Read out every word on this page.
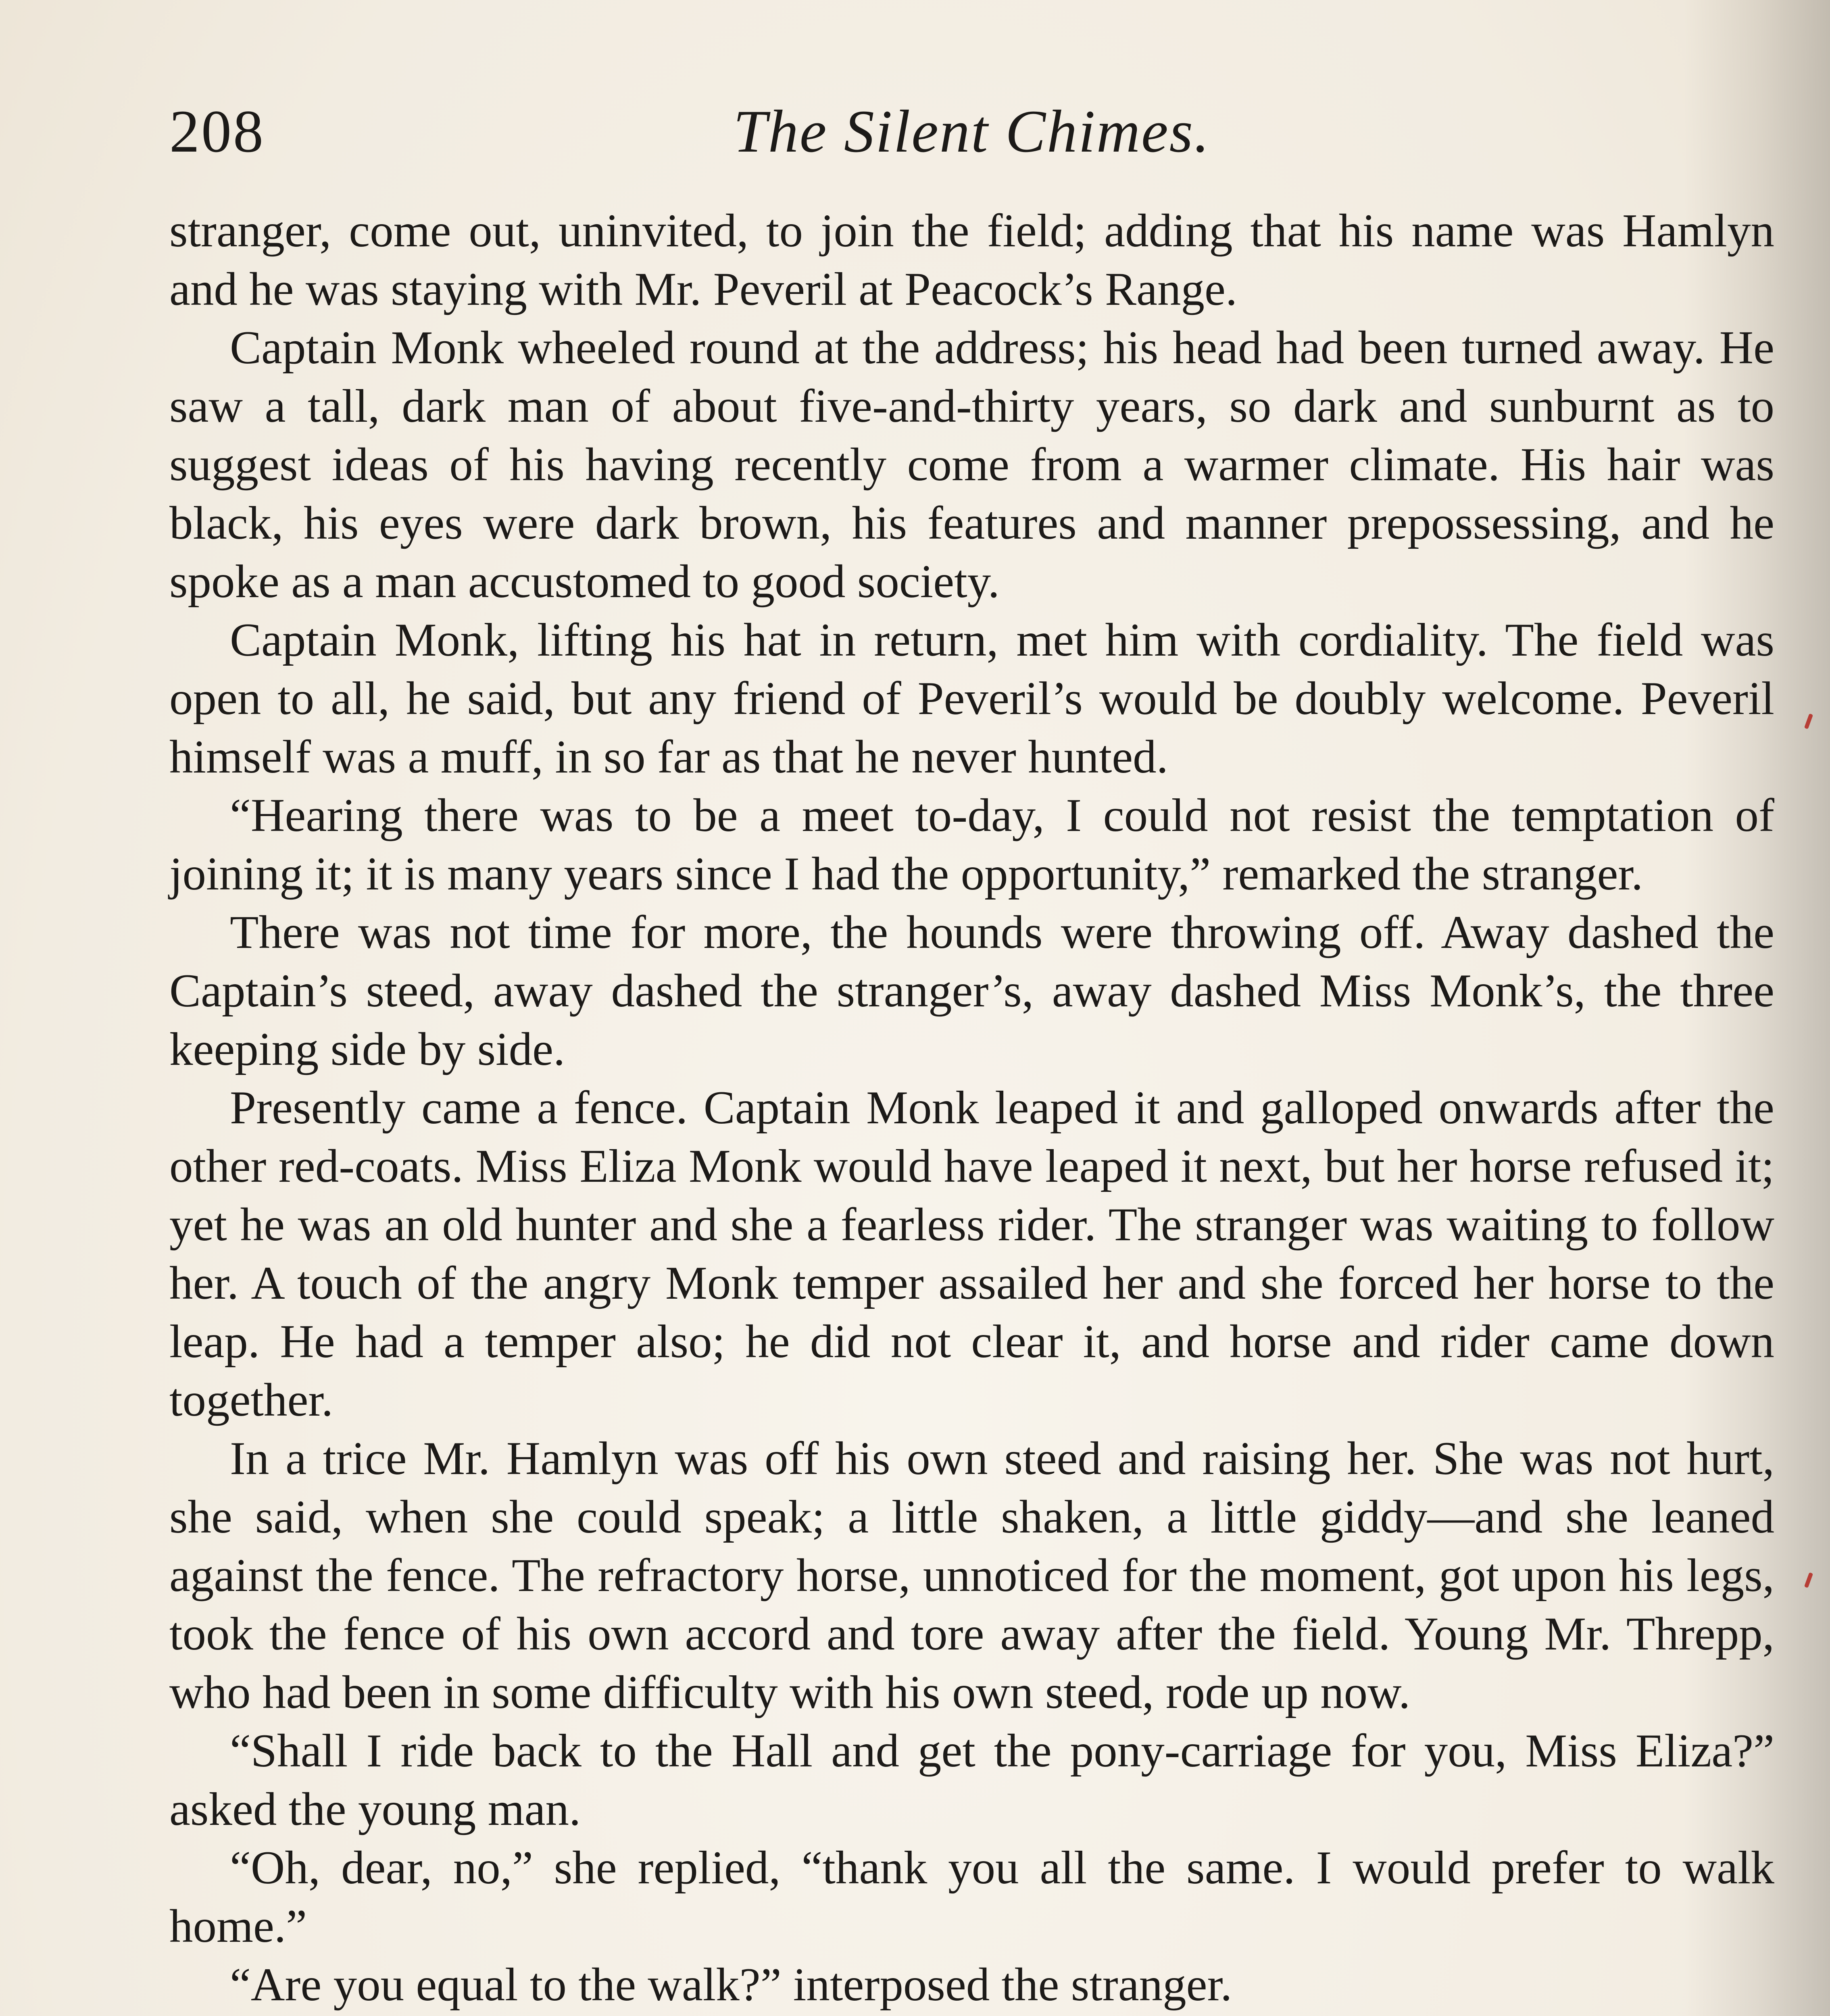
208	The Silent Chimes.

stranger, come out, uninvited, to join the field; adding that his name was Hamlyn and he was staying with Mr. Peveril at Peacock’s Range.

Captain Monk wheeled round at the address; his head had been turned away. He saw a tall, dark man of about five-and-thirty years, so dark and sunburnt as to suggest ideas of his having recently come from a warmer climate. His hair was black, his eyes were dark brown, his features and manner prepossessing, and he spoke as a man accustomed to good society.

Captain Monk, lifting his hat in return, met him with cordiality. The field was open to all, he said, but any friend of Peveril’s would be doubly welcome. Peveril himself was a muff, in so far as that he never hunted.

“Hearing there was to be a meet to-day, I could not resist the temptation of joining it; it is many years since I had the opportunity,” remarked the stranger.

There was not time for more, the hounds were throwing off. Away dashed the Captain’s steed, away dashed the stranger’s, away dashed Miss Monk’s, the three keeping side by side.

Presently came a fence. Captain Monk leaped it and galloped onwards after the other red-coats. Miss Eliza Monk would have leaped it next, but her horse refused it; yet he was an old hunter and she a fearless rider. The stranger was waiting to follow her. A touch of the angry Monk temper assailed her and she forced her horse to the leap. He had a temper also; he did not clear it, and horse and rider came down together.

In a trice Mr. Hamlyn was off his own steed and raising her. She was not hurt, she said, when she could speak; a little shaken, a little giddy—and she leaned against the fence. The refractory horse, unnoticed for the moment, got upon his legs, took the fence of his own accord and tore away after the field. Young Mr. Threpp, who had been in some difficulty with his own steed, rode up now.

“Shall I ride back to the Hall and get the pony-carriage for you, Miss Eliza?” asked the young man.

“Oh, dear, no,” she replied, “thank you all the same. I would prefer to walk home.”

“Are you equal to the walk?” interposed the stranger.
